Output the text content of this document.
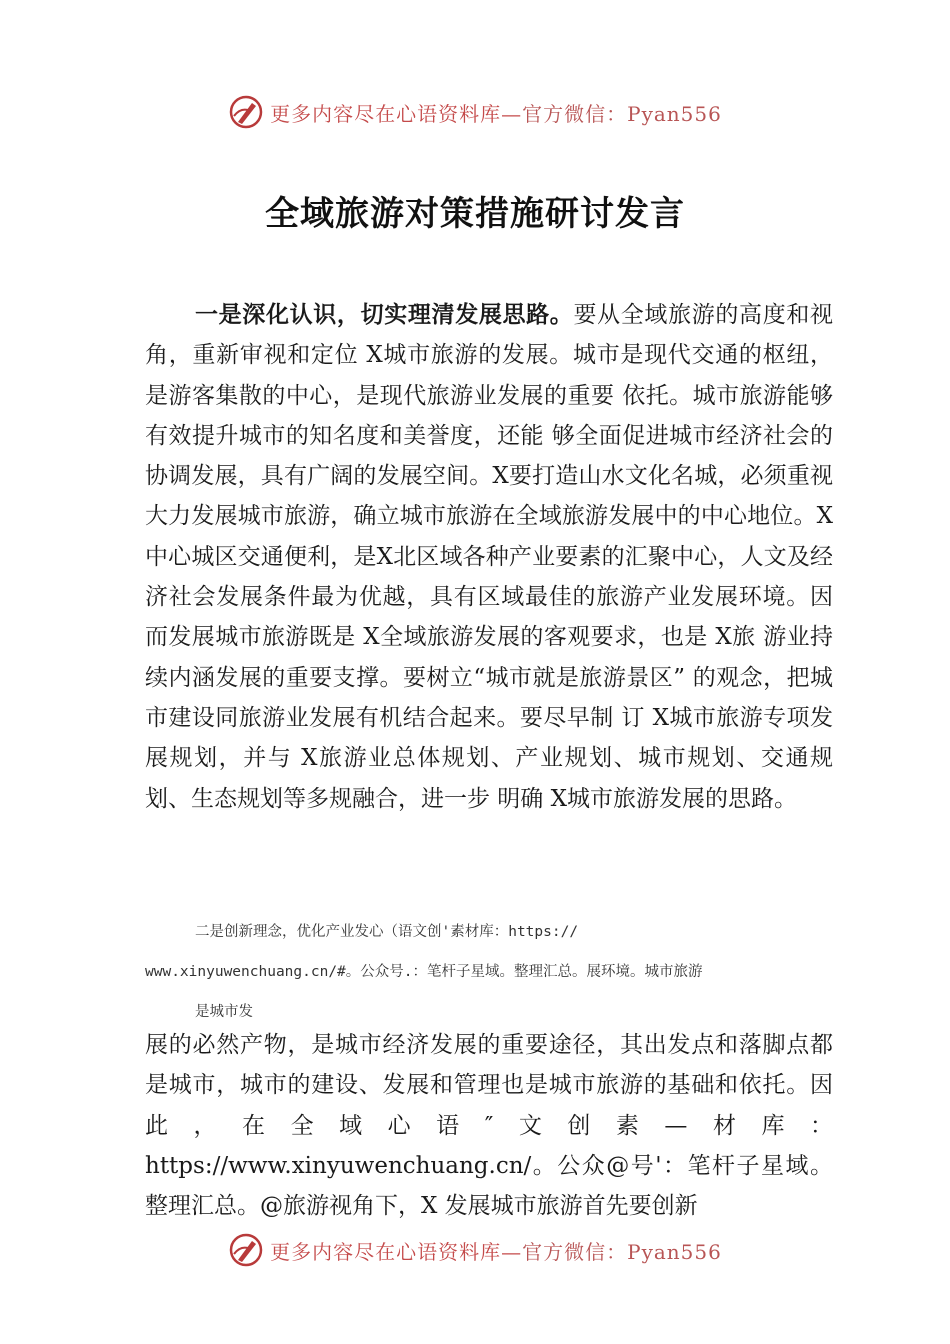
更多内容尽在心语资料库—官方微信：Pyan556
全域旅游对策措施研讨发言

一是深化认识，切实理清发展思路。要从全域旅游的高度和视角，重新审视和定位 X城市旅游的发展。城市是现代交通的枢纽，是游客集散的中心，是现代旅游业发展的重要 依托。城市旅游能够有效提升城市的知名度和美誉度，还能 够全面促进城市经济社会的协调发展，具有广阔的发展空间。X要打造山水文化名城，必须重视大力发展城市旅游，确立城市旅游在全域旅游发展中的中心地位。X中心城区交通便利，是X北区域各种产业要素的汇聚中心，人文及经济社会发展条件最为优越，具有区域最佳的旅游产业发展环境。因 而发展城市旅游既是 X全域旅游发展的客观要求，也是 X旅 游业持续内涵发展的重要支撑。要树立“城市就是旅游景区” 的观念，把城市建设同旅游业发展有机结合起来。要尽早制 订 X城市旅游专项发展规划，并与 X旅游业总体规划、产业规划、城市规划、交通规划、生态规划等多规融合，进一步 明确 X城市旅游发展的思路。

二是创新理念，优化产业发心（语文创'素材库：https://
www.xinyuwenchuang.cn/#。公众号.：笔杆子星域。整理汇总。展环境。城市旅游
是城市发

展的必然产物，是城市经济发展的重要途径，其出发点和落脚点都是城市，城市的建设、发展和管理也是城市旅游的基础和依托。因此，在全域心语″文创素—材库：https://www.xinyuwenchuang.cn/。公众@号'：笔杆子星域。整理汇总。@旅游视角下，X 发展城市旅游首先要创新

更多内容尽在心语资料库—官方微信：Pyan556
